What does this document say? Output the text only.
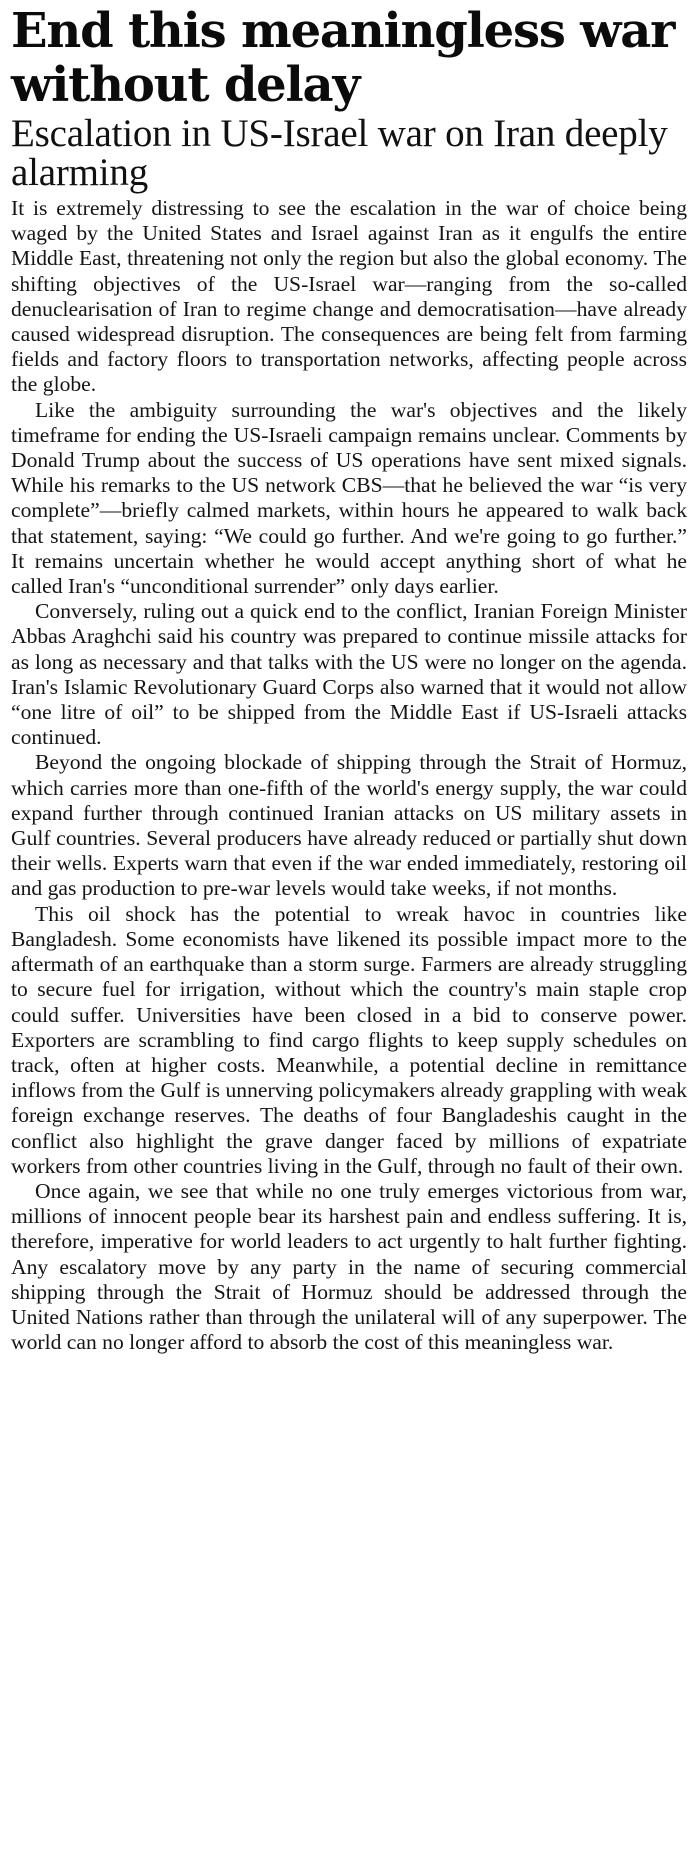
End this meaningless war without delay
Escalation in US-Israel war on Iran deeply alarming

It is extremely distressing to see the escalation in the war of choice being waged by the United States and Israel against Iran as it engulfs the entire Middle East, threatening not only the region but also the global economy. The shifting objectives of the US-Israel war—ranging from the so-called denuclearisation of Iran to regime change and democratisation—have already caused widespread disruption. The consequences are being felt from farming fields and factory floors to transportation networks, affecting people across the globe.

Like the ambiguity surrounding the war's objectives and the likely timeframe for ending the US-Israeli campaign remains unclear. Comments by Donald Trump about the success of US operations have sent mixed signals. While his remarks to the US network CBS—that he believed the war “is very complete”—briefly calmed markets, within hours he appeared to walk back that statement, saying: “We could go further. And we're going to go further.” It remains uncertain whether he would accept anything short of what he called Iran's “unconditional surrender” only days earlier.

Conversely, ruling out a quick end to the conflict, Iranian Foreign Minister Abbas Araghchi said his country was prepared to continue missile attacks for as long as necessary and that talks with the US were no longer on the agenda. Iran's Islamic Revolutionary Guard Corps also warned that it would not allow “one litre of oil” to be shipped from the Middle East if US-Israeli attacks continued.

Beyond the ongoing blockade of shipping through the Strait of Hormuz, which carries more than one-fifth of the world's energy supply, the war could expand further through continued Iranian attacks on US military assets in Gulf countries. Several producers have already reduced or partially shut down their wells. Experts warn that even if the war ended immediately, restoring oil and gas production to pre-war levels would take weeks, if not months.

This oil shock has the potential to wreak havoc in countries like Bangladesh. Some economists have likened its possible impact more to the aftermath of an earthquake than a storm surge. Farmers are already struggling to secure fuel for irrigation, without which the country's main staple crop could suffer. Universities have been closed in a bid to conserve power. Exporters are scrambling to find cargo flights to keep supply schedules on track, often at higher costs. Meanwhile, a potential decline in remittance inflows from the Gulf is unnerving policymakers already grappling with weak foreign exchange reserves. The deaths of four Bangladeshis caught in the conflict also highlight the grave danger faced by millions of expatriate workers from other countries living in the Gulf, through no fault of their own.

Once again, we see that while no one truly emerges victorious from war, millions of innocent people bear its harshest pain and endless suffering. It is, therefore, imperative for world leaders to act urgently to halt further fighting. Any escalatory move by any party in the name of securing commercial shipping through the Strait of Hormuz should be addressed through the United Nations rather than through the unilateral will of any superpower. The world can no longer afford to absorb the cost of this meaningless war.
